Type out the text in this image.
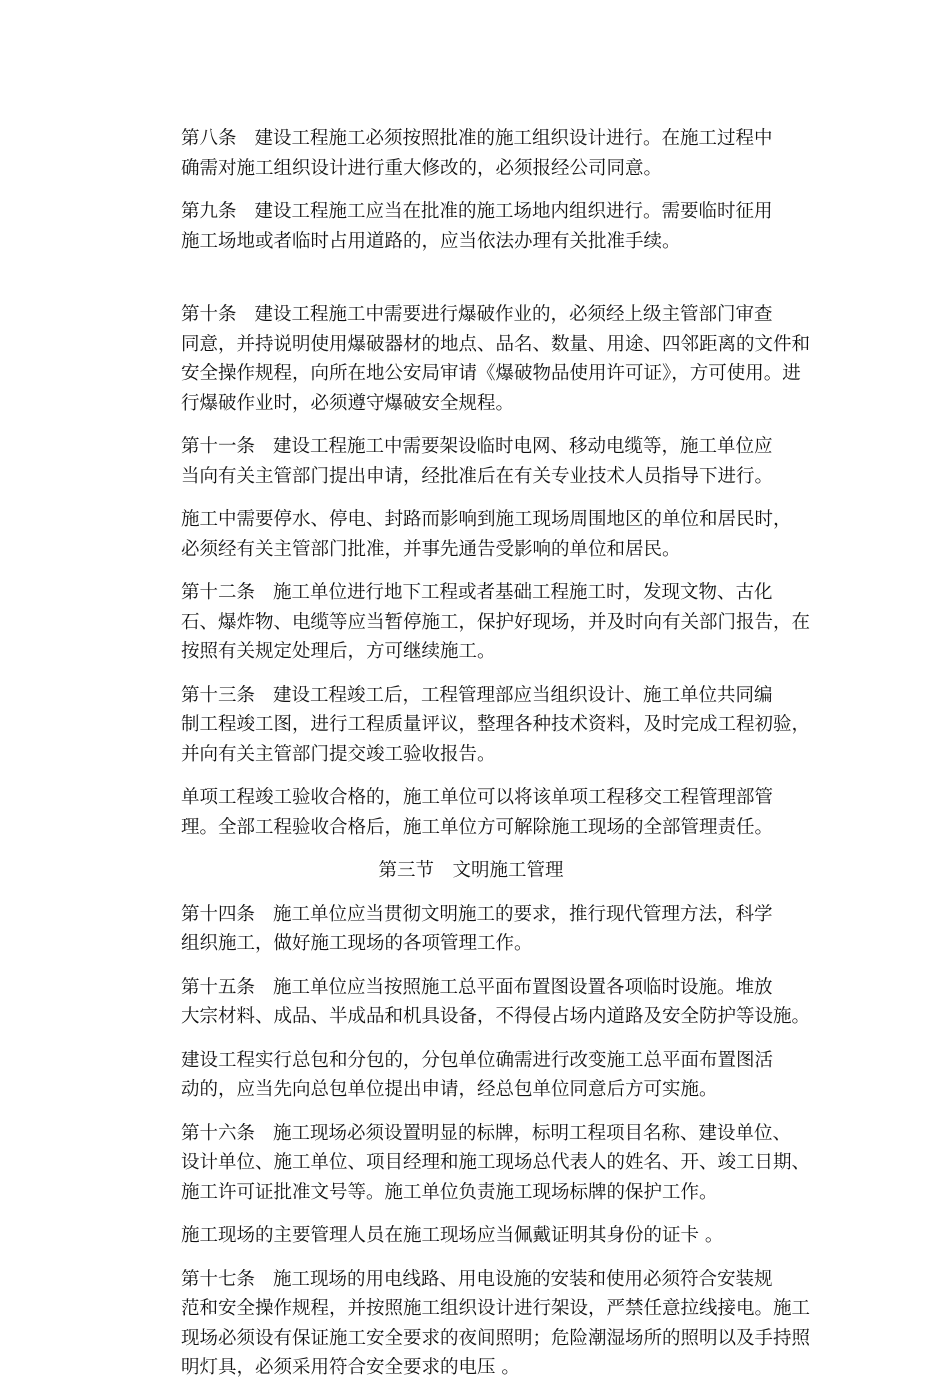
第八条 建设工程施工必须按照批准的施工组织设计进行。在施工过程中
确需对施工组织设计进行重大修改的，必须报经公司同意。

第九条 建设工程施工应当在批准的施工场地内组织进行。需要临时征用
施工场地或者临时占用道路的，应当依法办理有关批准手续。

第十条 建设工程施工中需要进行爆破作业的，必须经上级主管部门审查
同意，并持说明使用爆破器材的地点、品名、数量、用途、四邻距离的文件和
安全操作规程，向所在地公安局审请《爆破物品使用许可证》，方可使用。进
行爆破作业时，必须遵守爆破安全规程。

第十一条 建设工程施工中需要架设临时电网、移动电缆等，施工单位应
当向有关主管部门提出申请，经批准后在有关专业技术人员指导下进行。

施工中需要停水、停电、封路而影响到施工现场周围地区的单位和居民时，
必须经有关主管部门批准，并事先通告受影响的单位和居民。

第十二条 施工单位进行地下工程或者基础工程施工时，发现文物、古化
石、爆炸物、电缆等应当暂停施工，保护好现场，并及时向有关部门报告，在
按照有关规定处理后，方可继续施工。

第十三条 建设工程竣工后，工程管理部应当组织设计、施工单位共同编
制工程竣工图，进行工程质量评议，整理各种技术资料，及时完成工程初验，
并向有关主管部门提交竣工验收报告。

单项工程竣工验收合格的，施工单位可以将该单项工程移交工程管理部管
理。全部工程验收合格后，施工单位方可解除施工现场的全部管理责任。

第三节　文明施工管理

第十四条 施工单位应当贯彻文明施工的要求，推行现代管理方法，科学
组织施工，做好施工现场的各项管理工作。

第十五条 施工单位应当按照施工总平面布置图设置各项临时设施。堆放
大宗材料、成品、半成品和机具设备，不得侵占场内道路及安全防护等设施。

建设工程实行总包和分包的，分包单位确需进行改变施工总平面布置图活
动的，应当先向总包单位提出申请，经总包单位同意后方可实施。

第十六条 施工现场必须设置明显的标牌，标明工程项目名称、建设单位、
设计单位、施工单位、项目经理和施工现场总代表人的姓名、开、竣工日期、
施工许可证批准文号等。施工单位负责施工现场标牌的保护工作。

施工现场的主要管理人员在施工现场应当佩戴证明其身份的证卡 。

第十七条 施工现场的用电线路、用电设施的安装和使用必须符合安装规
范和安全操作规程，并按照施工组织设计进行架设，严禁任意拉线接电。施工
现场必须设有保证施工安全要求的夜间照明；危险潮湿场所的照明以及手持照
明灯具，必须采用符合安全要求的电压 。
